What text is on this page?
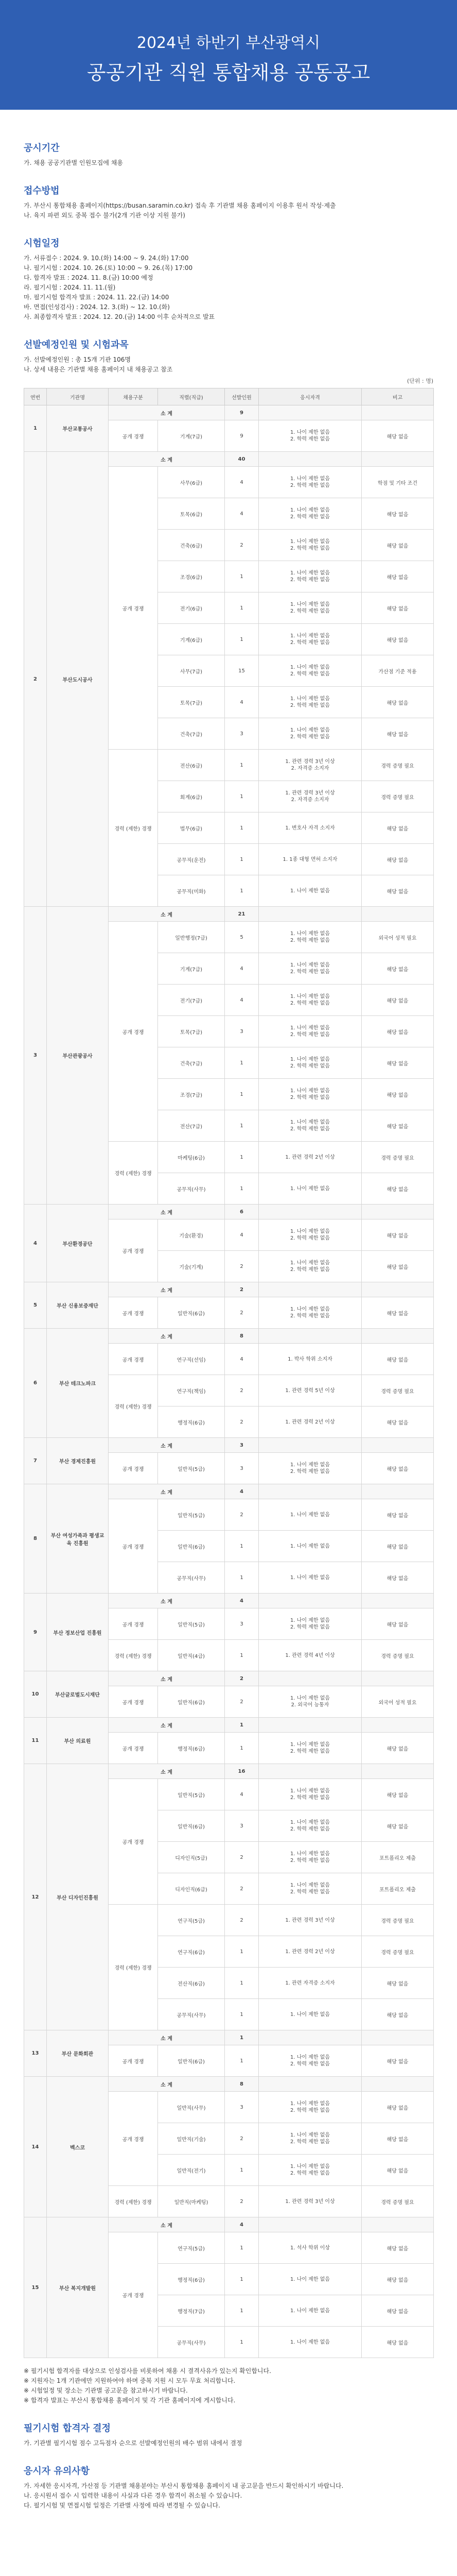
2024년 하반기 부산광역시
공공기관 직원 통합채용 공동공고
공시기간
가. 채용 공공기관별 인원모집에 채용
접수방법
가. 부산시 통합채용 홈페이지(https://busan.saramin.co.kr) 접속 후 기관별 채용 홈페이지 이용후 원서 작성·제출
나. 육지 파편 외도 중복 접수 불가(2개 기관 이상 지원 불가)
시험일정
가. 서류접수 : 2024. 9. 10.(화) 14:00 ~ 9. 24.(화) 17:00
나. 필기시험 : 2024. 10. 26.(토) 10:00 ~ 9. 26.(목) 17:00
다. 합격자 발표 : 2024. 11. 8.(금) 10:00 예정
라. 필기시험 : 2024. 11. 11.(월)
마. 필기시험 합격자 발표 : 2024. 11. 22.(금) 14:00
바. 면접(인성검사) : 2024. 12. 3.(화) ~ 12. 10.(화)
사. 최종합격자 발표 : 2024. 12. 20.(금) 14:00 이후 순차적으로 발표
선발예정인원 및 시험과목
가. 선발예정인원 : 총 15개 기관 106명
나. 상세 내용은 기관별 채용 홈페이지 내 채용공고 참조
(단위 : 명)
연번	기관명	채용구분	직렬(직급)	선발인원	응시자격	비고
1	부산교통공사	소 계		9		
		공개 경쟁	기계(7급)	9	1. 나이 제한 없음
2. 학력 제한 없음	해당 없음
2	부산도시공사	소 계		40		
		공개 경쟁	사무(6급)	4	1. 나이 제한 없음
2. 학력 제한 없음	학점 및 기타 조건
			토목(6급)	4	1. 나이 제한 없음
2. 학력 제한 없음	해당 없음
			건축(6급)	2	1. 나이 제한 없음
2. 학력 제한 없음	해당 없음
			조경(6급)	1	1. 나이 제한 없음
2. 학력 제한 없음	해당 없음
			전기(6급)	1	1. 나이 제한 없음
2. 학력 제한 없음	해당 없음
			기계(6급)	1	1. 나이 제한 없음
2. 학력 제한 없음	해당 없음
			사무(7급)	15	1. 나이 제한 없음
2. 학력 제한 없음	가산점 기준 적용
			토목(7급)	4	1. 나이 제한 없음
2. 학력 제한 없음	해당 없음
			건축(7급)	3	1. 나이 제한 없음
2. 학력 제한 없음	해당 없음
		경력 (제한) 경쟁	전산(6급)	1	1. 관련 경력 3년 이상
2. 자격증 소지자	경력 증명 필요
			회계(6급)	1	1. 관련 경력 3년 이상
2. 자격증 소지자	경력 증명 필요
			법무(6급)	1	1. 변호사 자격 소지자	해당 없음
			공무직(운전)	1	1. 1종 대형 면허 소지자	해당 없음
			공무직(미화)	1	1. 나이 제한 없음	해당 없음
3	부산관광공사	소 계		21		
		공개 경쟁	일반행정(7급)	5	1. 나이 제한 없음
2. 학력 제한 없음	외국어 성적 필요
			기계(7급)	4	1. 나이 제한 없음
2. 학력 제한 없음	해당 없음
			전기(7급)	4	1. 나이 제한 없음
2. 학력 제한 없음	해당 없음
			토목(7급)	3	1. 나이 제한 없음
2. 학력 제한 없음	해당 없음
			건축(7급)	1	1. 나이 제한 없음
2. 학력 제한 없음	해당 없음
			조경(7급)	1	1. 나이 제한 없음
2. 학력 제한 없음	해당 없음
			전산(7급)	1	1. 나이 제한 없음
2. 학력 제한 없음	해당 없음
		경력 (제한) 경쟁	마케팅(6급)	1	1. 관련 경력 2년 이상	경력 증명 필요
			공무직(사무)	1	1. 나이 제한 없음	해당 없음
4	부산환경공단	소 계		6		
		공개 경쟁	기술(환경)	4	1. 나이 제한 없음
2. 학력 제한 없음	해당 없음
			기술(기계)	2	1. 나이 제한 없음
2. 학력 제한 없음	해당 없음
5	부산 신용보증재단	소 계		2		
		공개 경쟁	일반직(6급)	2	1. 나이 제한 없음
2. 학력 제한 없음	해당 없음
6	부산 테크노파크	소 계		8		
		공개 경쟁	연구직(선임)	4	1. 박사 학위 소지자	해당 없음
		경력 (제한) 경쟁	연구직(책임)	2	1. 관련 경력 5년 이상	경력 증명 필요
			행정직(6급)	2	1. 관련 경력 2년 이상	해당 없음
7	부산 경제진흥원	소 계		3		
		공개 경쟁	일반직(5급)	3	1. 나이 제한 없음
2. 학력 제한 없음	해당 없음
8	부산 여성가족과 평생교육 진흥원	소 계		4		
		공개 경쟁	일반직(5급)	2	1. 나이 제한 없음	해당 없음
			일반직(6급)	1	1. 나이 제한 없음	해당 없음
			공무직(사무)	1	1. 나이 제한 없음	해당 없음
9	부산 정보산업 진흥원	소 계		4		
		공개 경쟁	일반직(5급)	3	1. 나이 제한 없음
2. 학력 제한 없음	해당 없음
		경력 (제한) 경쟁	일반직(4급)	1	1. 관련 경력 4년 이상	경력 증명 필요
10	부산글로벌도시재단	소 계		2		
		공개 경쟁	일반직(6급)	2	1. 나이 제한 없음
2. 외국어 능통자	외국어 성적 필요
11	부산 의료원	소 계		1		
		공개 경쟁	행정직(6급)	1	1. 나이 제한 없음
2. 학력 제한 없음	해당 없음
12	부산 디자인진흥원	소 계		16		
		공개 경쟁	일반직(5급)	4	1. 나이 제한 없음
2. 학력 제한 없음	해당 없음
			일반직(6급)	3	1. 나이 제한 없음
2. 학력 제한 없음	해당 없음
			디자인직(5급)	2	1. 나이 제한 없음
2. 학력 제한 없음	포트폴리오 제출
			디자인직(6급)	2	1. 나이 제한 없음
2. 학력 제한 없음	포트폴리오 제출
		경력 (제한) 경쟁	연구직(5급)	2	1. 관련 경력 3년 이상	경력 증명 필요
			연구직(6급)	1	1. 관련 경력 2년 이상	경력 증명 필요
			전산직(6급)	1	1. 관련 자격증 소지자	해당 없음
			공무직(사무)	1	1. 나이 제한 없음	해당 없음
13	부산 문화회관	소 계		1		
		공개 경쟁	일반직(6급)	1	1. 나이 제한 없음
2. 학력 제한 없음	해당 없음
14	벡스코	소 계		8		
		공개 경쟁	일반직(사무)	3	1. 나이 제한 없음
2. 학력 제한 없음	해당 없음
			일반직(기술)	2	1. 나이 제한 없음
2. 학력 제한 없음	해당 없음
			일반직(전기)	1	1. 나이 제한 없음
2. 학력 제한 없음	해당 없음
		경력 (제한) 경쟁	일반직(마케팅)	2	1. 관련 경력 3년 이상	경력 증명 필요
15	부산 복지개발원	소 계		4		
		공개 경쟁	연구직(5급)	1	1. 석사 학위 이상	해당 없음
			행정직(6급)	1	1. 나이 제한 없음	해당 없음
			행정직(7급)	1	1. 나이 제한 없음	해당 없음
			공무직(사무)	1	1. 나이 제한 없음	해당 없음
※ 필기시험 합격자를 대상으로 인성검사를 비롯하여 채용 시 결격사유가 있는지 확인합니다.
※ 지원자는 1개 기관에만 지원하여야 하며 중복 지원 시 모두 무효 처리합니다.
※ 시험일정 및 장소는 기관별 공고문을 참고하시기 바랍니다.
※ 합격자 발표는 부산시 통합채용 홈페이지 및 각 기관 홈페이지에 게시합니다.
필기시험 합격자 결정
가. 기관별 필기시험 점수 고득점자 순으로 선발예정인원의 배수 범위 내에서 결정
응시자 유의사항
가. 자세한 응시자격, 가산점 등 기관별 채용분야는 부산시 통합채용 홈페이지 내 공고문을 반드시 확인하시기 바랍니다.
나. 응시원서 접수 시 입력한 내용이 사실과 다른 경우 합격이 취소될 수 있습니다.
다. 필기시험 및 면접시험 일정은 기관별 사정에 따라 변경될 수 있습니다.
